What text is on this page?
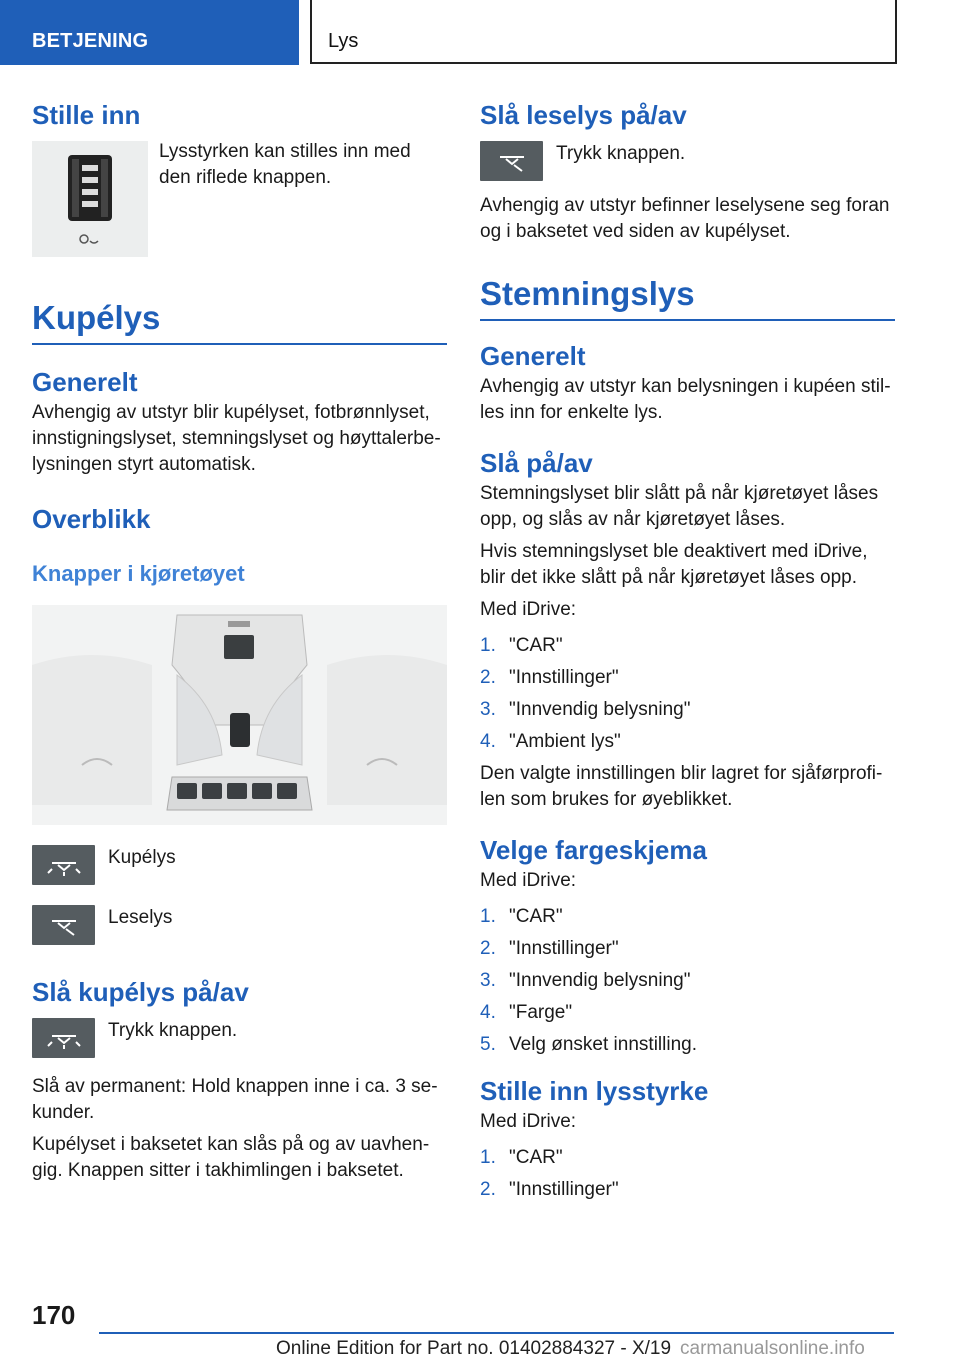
BETJENING	Lys
Stille inn

Lysstyrken kan stilles inn med den riflede knappen.

Kupélys
Generelt

Avhengig av utstyr blir kupélyset, fotbrønnlyset, innstigningslyset, stemningslyset og høyttalerbelysningen styrt automatisk.

Overblikk
Knapper i kjøretøyet

Kupélys

Leselys

Slå kupélys på/av

Trykk knappen.

Slå av permanent: Hold knappen inne i ca. 3 sekunder.

Kupélyset i baksetet kan slås på og av uavhengig. Knappen sitter i takhimlingen i baksetet.

Slå leselys på/av

Trykk knappen.

Avhengig av utstyr befinner leselysene seg foran og i baksetet ved siden av kupélyset.

Stemningslys
Generelt

Avhengig av utstyr kan belysningen i kupéen stilles inn for enkelte lys.

Slå på/av

Stemningslyset blir slått på når kjøretøyet låses opp, og slås av når kjøretøyet låses.

Hvis stemningslyset ble deaktivert med iDrive, blir det ikke slått på når kjøretøyet låses opp.

Med iDrive:

1. "CAR"
2. "Innstillinger"
3. "Innvendig belysning"
4. "Ambient lys"

Den valgte innstillingen blir lagret for sjåførprofilen som brukes for øyeblikket.

Velge fargeskjema

Med iDrive:

1. "CAR"
2. "Innstillinger"
3. "Innvendig belysning"
4. "Farge"
5. Velg ønsket innstilling.
Stille inn lysstyrke

Med iDrive:

1. "CAR"
2. "Innstillinger"
170
Online Edition for Part no. 01402884327 - X/19 carmanualsonline.info
